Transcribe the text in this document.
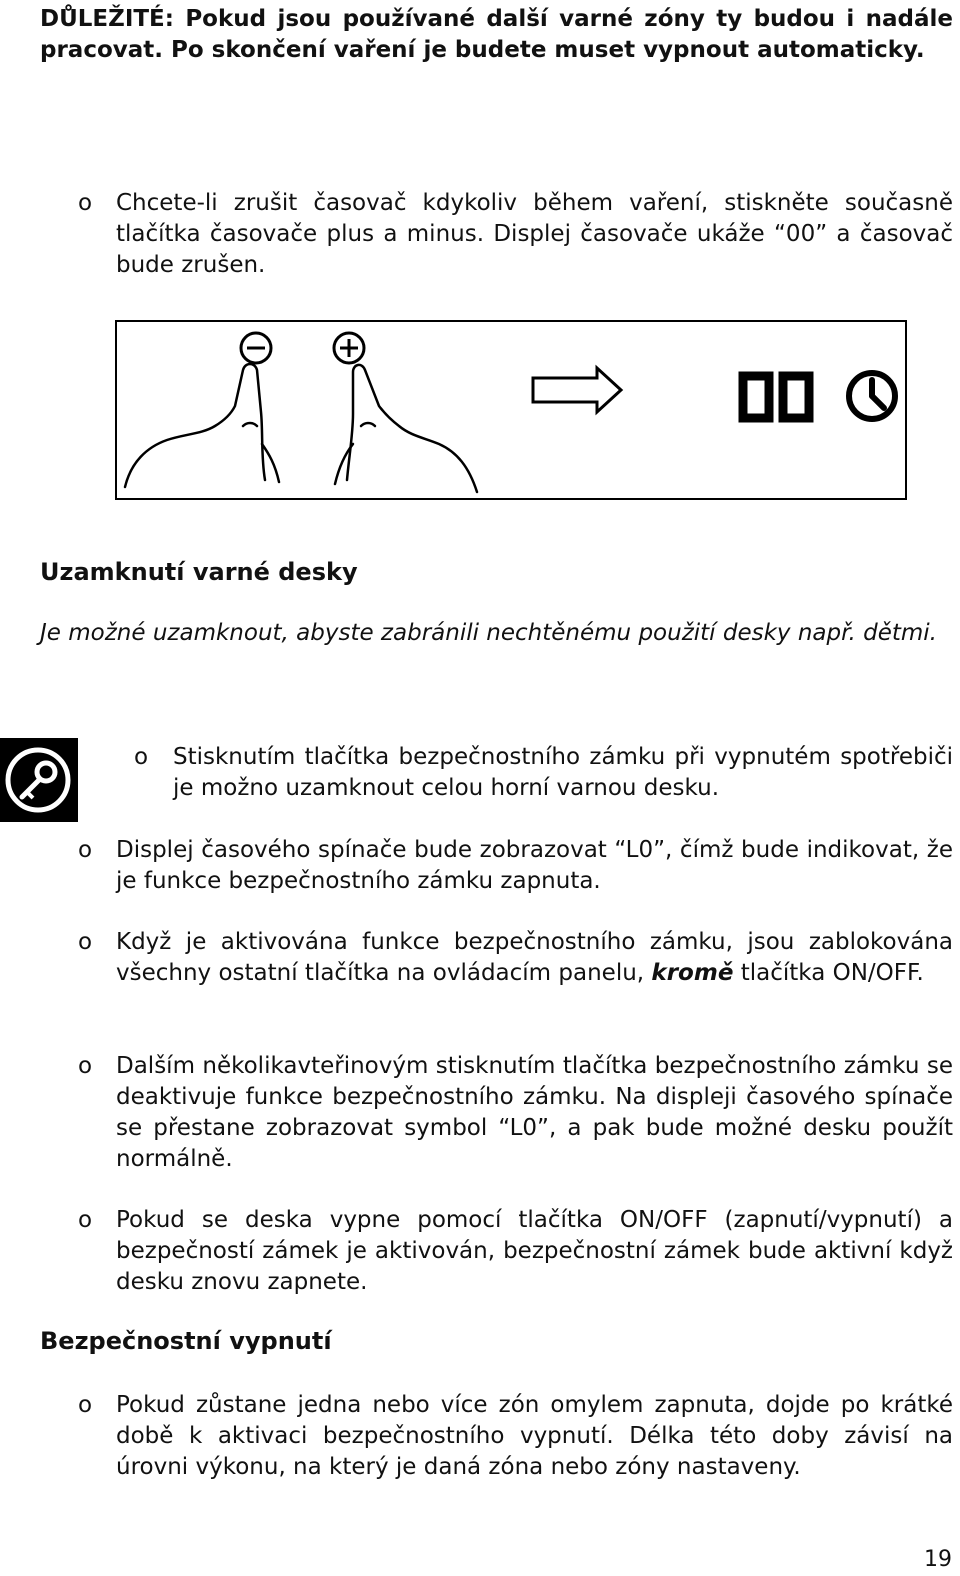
DŮLEŽITÉ: Pokud jsou používané další varné zóny ty budou i nadále pracovat. Po skončení vaření je budete muset vypnout automaticky.
o Chcete-li zrušit časovač kdykoliv během vaření, stiskněte současně tlačítka časovače plus a minus. Displej časovače ukáže “00” a časovač bude zrušen.
Uzamknutí varné desky
Je možné uzamknout, abyste zabránili nechtěnému použití desky např. dětmi.
o Stisknutím tlačítka bezpečnostního zámku při vypnutém spotřebiči je možno uzamknout celou horní varnou desku.
o Displej časového spínače bude zobrazovat “L0”, čímž bude indikovat, že je funkce bezpečnostního zámku zapnuta.
o Když je aktivována funkce bezpečnostního zámku, jsou zablokována všechny ostatní tlačítka na ovládacím panelu, kromě tlačítka ON/OFF.
o Dalším několikavteřinovým stisknutím tlačítka bezpečnostního zámku se deaktivuje funkce bezpečnostního zámku. Na displeji časového spínače se přestane zobrazovat symbol “L0”, a pak bude možné desku použít normálně.
o Pokud se deska vypne pomocí tlačítka ON/OFF (zapnutí/vypnutí) a bezpečností zámek je aktivován, bezpečnostní zámek bude aktivní když desku znovu zapnete.
Bezpečnostní vypnutí
o Pokud zůstane jedna nebo více zón omylem zapnuta, dojde po krátké době k aktivaci bezpečnostního vypnutí. Délka této doby závisí na úrovni výkonu, na který je daná zóna nebo zóny nastaveny.
19
